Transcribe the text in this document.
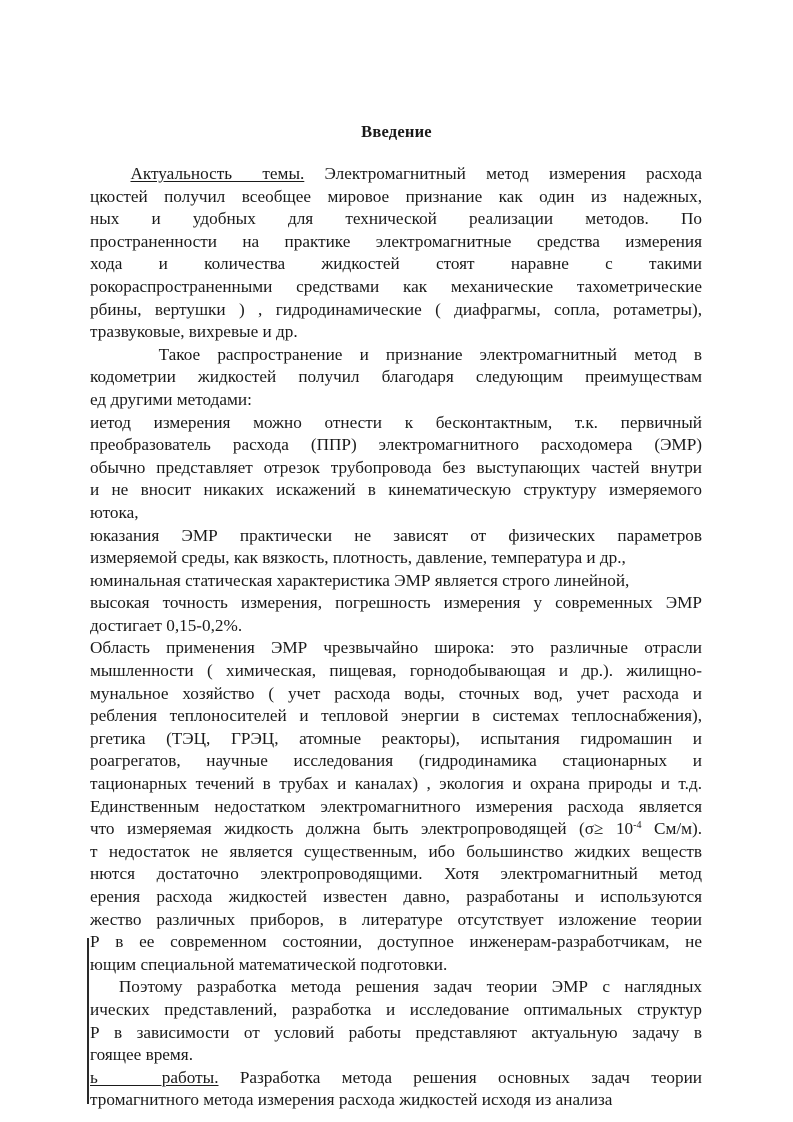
Введение
Актуальность   темы.  Электромагнитный  метод  измерения  расхода
цкостей получил всеобщее мировое признание как один из надежных,
ных и удобных для технической реализации методов. По
пространенности на практике электромагнитные средства измерения
хода и количества жидкостей стоят наравне с такими
рокораспространенными средствами как механические тахометрические
рбины, вертушки ) , гидродинамические ( диафрагмы, сопла, ротаметры),
тразвуковые, вихревые и др.
Такое распространение и признание электромагнитный метод в
кодометрии жидкостей получил благодаря следующим преимуществам
ед другими методами:
иетод измерения можно отнести к бесконтактным, т.к. первичный
преобразователь расхода (ППР) электромагнитного расходомера (ЭМР)
обычно представляет отрезок трубопровода без выступающих частей внутри
и не вносит никаких искажений в кинематическую структуру измеряемого
ютока,
юказания ЭМР практически не зависят от физических параметров
измеряемой среды, как вязкость, плотность, давление, температура и др.,
юминальная статическая характеристика ЭМР является строго линейной,
высокая точность измерения, погрешность измерения у современных ЭМР
достигает 0,15-0,2%.
Область применения ЭМР чрезвычайно широка: это различные отрасли
мышленности ( химическая, пищевая, горнодобывающая и др.). жилищно-
мунальное хозяйство ( учет расхода воды, сточных вод, учет расхода и
ребления теплоносителей и тепловой энергии в системах теплоснабжения),
ргетика (ТЭЦ, ГРЭЦ, атомные реакторы), испытания гидромашин и
роагрегатов, научные исследования (гидродинамика стационарных и
тационарных течений в трубах и каналах) , экология и охрана природы и т.д.
Единственным недостатком электромагнитного измерения расхода является
что измеряемая жидкость должна быть электропроводящей ($\sigma\ge 10^{-4}$ См/м).
т недостаток не является существенным, ибо большинство жидких веществ
нются достаточно электропроводящими. Хотя электромагнитный метод
ерения расхода жидкостей известен давно, разработаны и используются
жество различных приборов, в литературе отсутствует изложение теории
Р в ее современном состоянии, доступное инженерам-разработчикам, не
ющим специальной математической подготовки.
Поэтому разработка метода решения задач теории ЭМР с наглядных
ических представлений, разработка и исследование оптимальных структур
Р в зависимости от условий работы представляют актуальную задачу в
гоящее время.
ь   работы. Разработка метода решения основных задач теории
тромагнитного метода измерения расхода жидкостей исходя из анализа
